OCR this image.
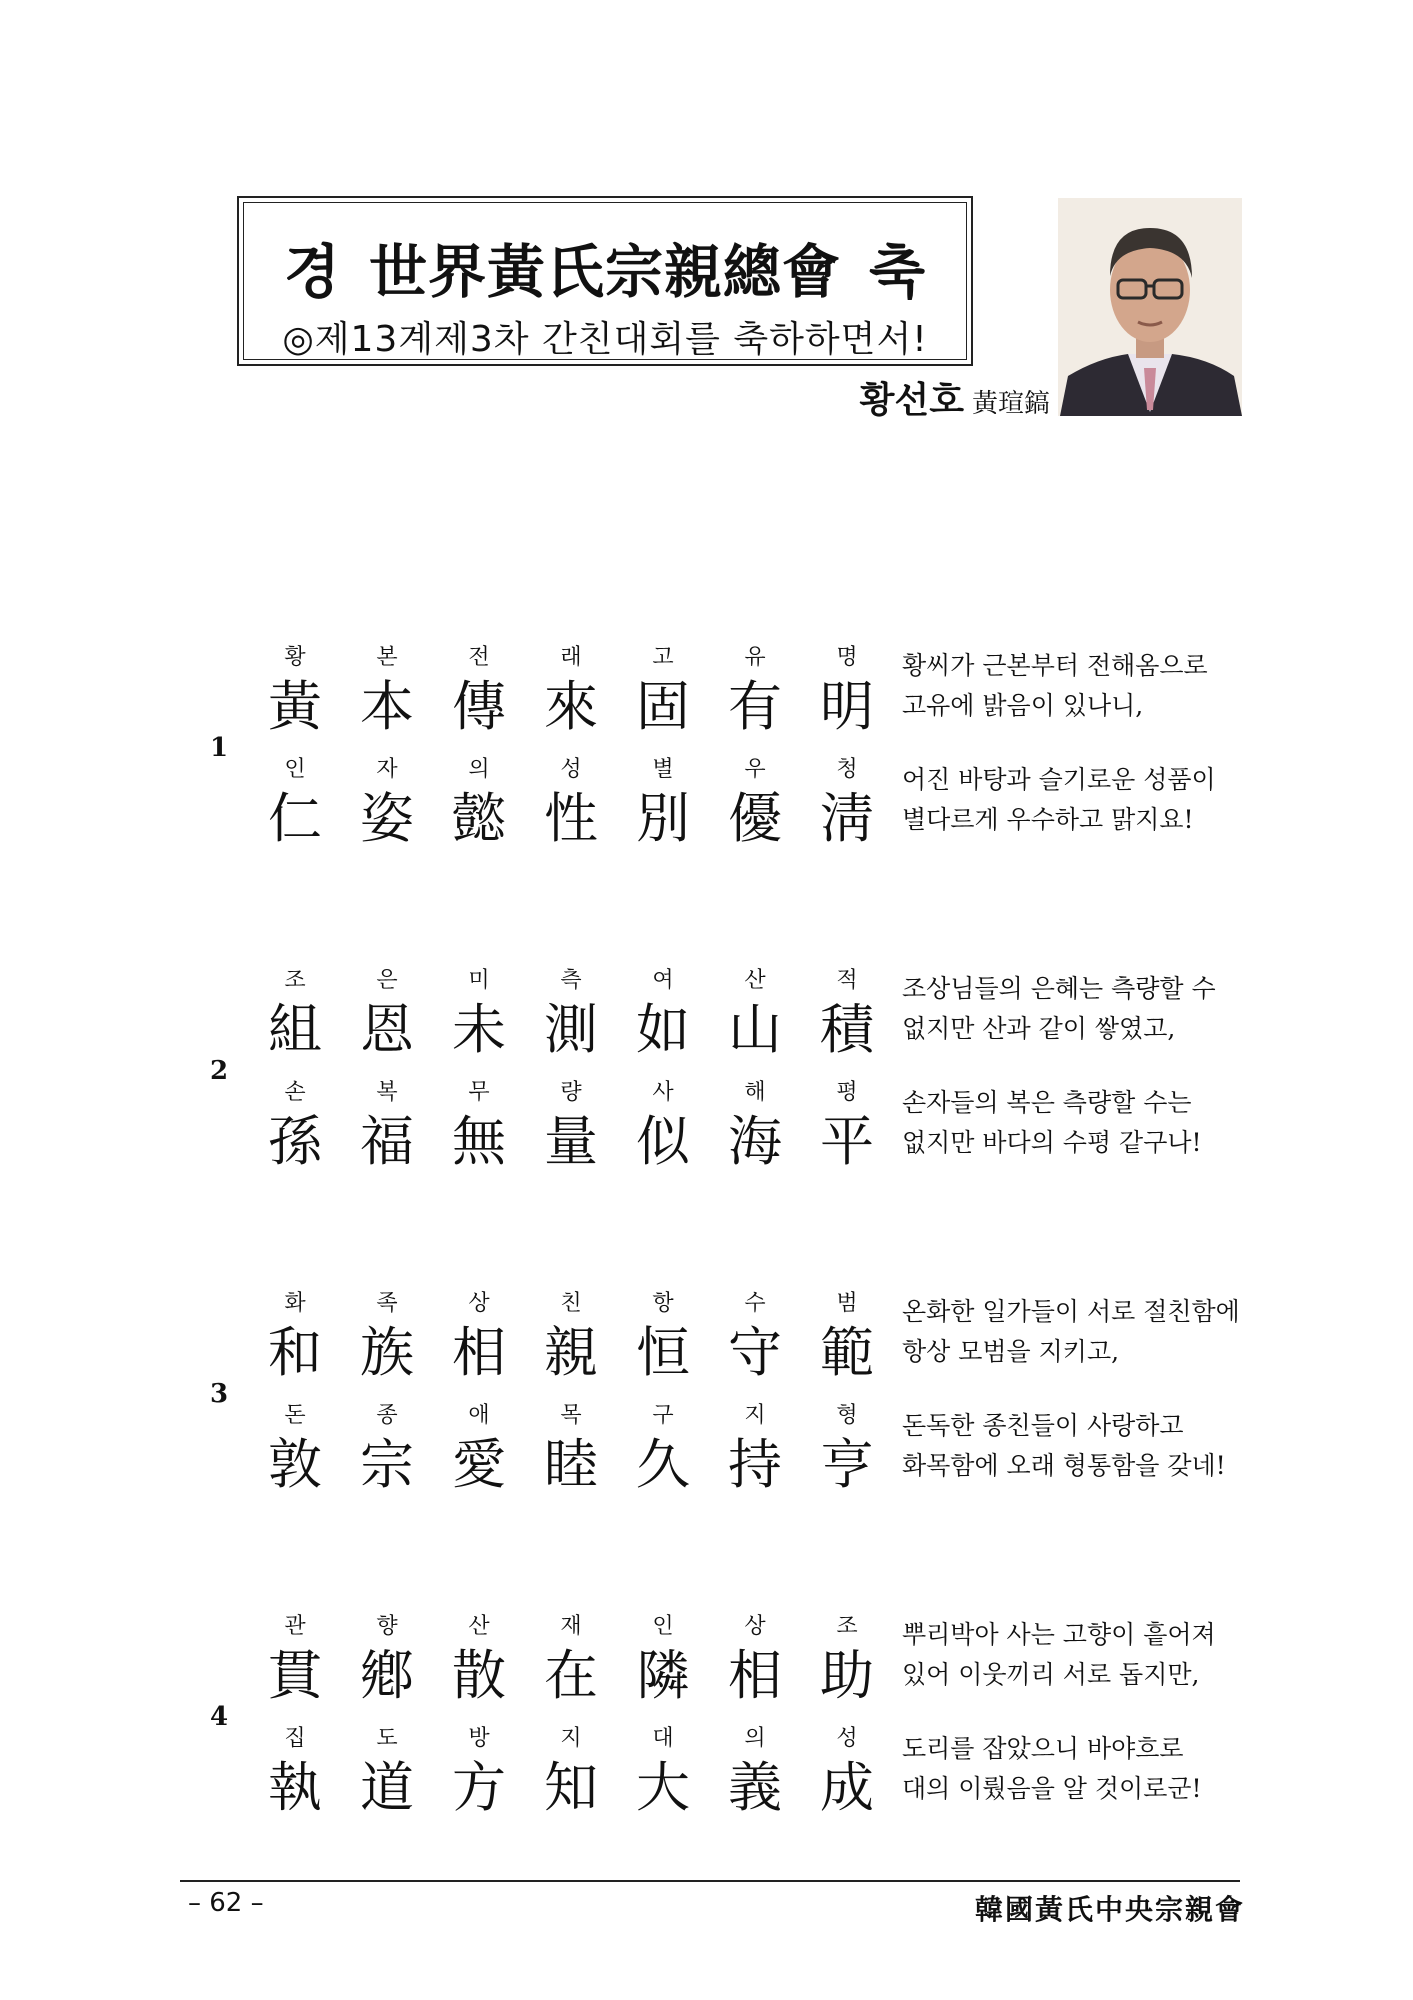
경 世界黃氏宗親總會 축
◎제13계제3차 간친대회를 축하하면서!
황선호 黃瑄鎬
1
황	본	전	래	고	유	명
黃 本 傳 來 固 有 明
황씨가 근본부터 전해옴으로
고유에 밝음이 있나니,
인	자	의	성	별	우	청
仁 姿 懿 性 別 優 淸
어진 바탕과 슬기로운 성품이
별다르게 우수하고 맑지요!
2
조	은	미	측	여	산	적
組 恩 未 測 如 山 積
조상님들의 은혜는 측량할 수
없지만 산과 같이 쌓였고,
손	복	무	량	사	해	평
孫 福 無 量 似 海 平
손자들의 복은 측량할 수는
없지만 바다의 수평 같구나!
3
화	족	상	친	항	수	범
和 族 相 親 恒 守 範
온화한 일가들이 서로 절친함에
항상 모범을 지키고,
돈	종	애	목	구	지	형
敦 宗 愛 睦 久 持 亨
돈독한 종친들이 사랑하고
화목함에 오래 형통함을 갖네!
4
관	향	산	재	인	상	조
貫 鄕 散 在 隣 相 助
뿌리박아 사는 고향이 흩어져
있어 이웃끼리 서로 돕지만,
집	도	방	지	대	의	성
執 道 方 知 大 義 成
도리를 잡았으니 바야흐로
대의 이뤘음을 알 것이로군!
– 62 –	韓國黃氏中央宗親會
